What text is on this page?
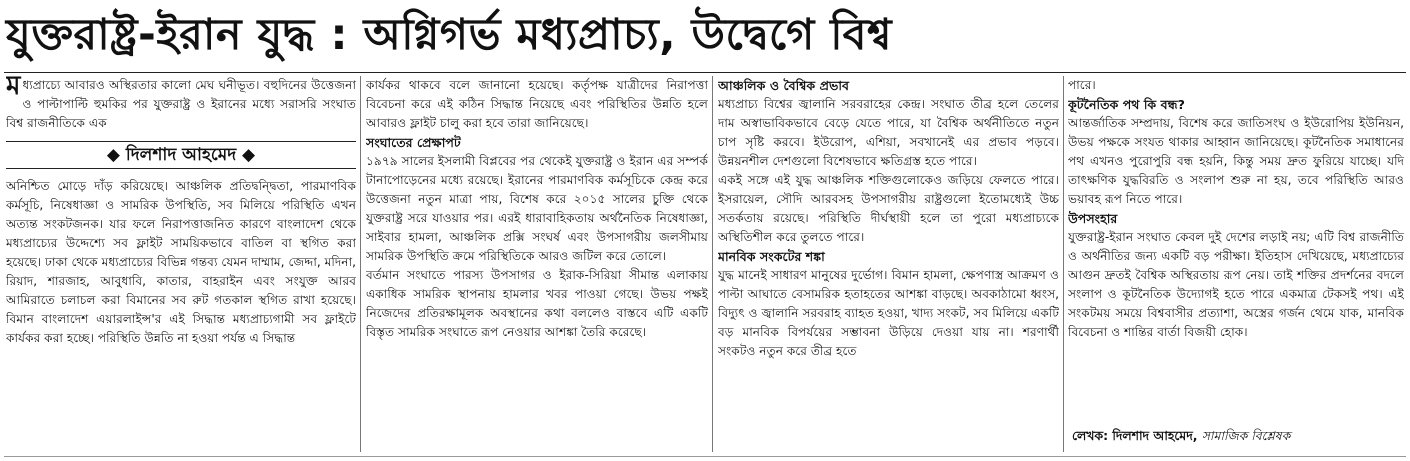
যুক্তরাষ্ট্র-ইরান যুদ্ধ : অগ্নিগর্ভ মধ্যপ্রাচ্য, উদ্বেগে বিশ্ব

মধ্যপ্রাচ্যে আবারও অস্থিরতার কালো মেঘ ঘনীভূত। বহুদিনের উত্তেজনা ও পাল্টাপাল্টি হুমকির পর যুক্তরাষ্ট্র ও ইরানের মধ্যে সরাসরি সংঘাত বিশ্ব রাজনীতিকে এক

◆ দিলশাদ আহমেদ ◆

অনিশ্চিত মোড়ে দাঁড় করিয়েছে। আঞ্চলিক প্রতিদ্বন্দ্বিতা, পারমাণবিক কর্মসূচি, নিষেধাজ্ঞা ও সামরিক উপস্থিতি, সব মিলিয়ে পরিস্থিতি এখন অত্যন্ত সংকটজনক। যার ফলে নিরাপত্তাজনিত কারণে বাংলাদেশ থেকে মধ্যপ্রাচ্যের উদ্দেশ্যে সব ফ্লাইট সাময়িকভাবে বাতিল বা স্থগিত করা হয়েছে। ঢাকা থেকে মধ্যপ্রাচ্যের বিভিন্ন গন্তব্য যেমন দাম্মাম, জেদ্দা, মদিনা, রিয়াদ, শারজাহ, আবুধাবি, কাতার, বাহরাইন এবং সংযুক্ত আরব আমিরাতে চলাচল করা বিমানের সব রুট গতকাল স্থগিত রাখা হয়েছে। বিমান বাংলাদেশ এয়ারলাইন্স'র এই সিদ্ধান্ত মধ্যপ্রাচ্যগামী সব ফ্লাইটে কার্যকর করা হচ্ছে। পরিস্থিতি উন্নতি না হওয়া পর্যন্ত এ সিদ্ধান্ত

কার্যকর থাকবে বলে জানানো হয়েছে। কর্তৃপক্ষ যাত্রীদের নিরাপত্তা বিবেচনা করে এই কঠিন সিদ্ধান্ত নিয়েছে এবং পরিস্থিতির উন্নতি হলে আবারও ফ্লাইট চালু করা হবে তারা জানিয়েছে।

সংঘাতের প্রেক্ষাপট

১৯৭৯ সালের ইসলামী বিপ্লবের পর থেকেই যুক্তরাষ্ট্র ও ইরান এর সম্পর্ক টানাপোড়েনের মধ্যে রয়েছে। ইরানের পারমাণবিক কর্মসূচিকে কেন্দ্র করে উত্তেজনা নতুন মাত্রা পায়, বিশেষ করে ২০১৫ সালের চুক্তি থেকে যুক্তরাষ্ট্র সরে যাওয়ার পর। এরই ধারাবাহিকতায় অর্থনৈতিক নিষেধাজ্ঞা, সাইবার হামলা, আঞ্চলিক প্রক্সি সংঘর্ষ এবং উপসাগরীয় জলসীমায় সামরিক উপস্থিতি ক্রমে পরিস্থিতিকে আরও জটিল করে তোলে।

বর্তমান সংঘাতে পারস্য উপসাগর ও ইরাক-সিরিয়া সীমান্ত এলাকায় একাধিক সামরিক স্থাপনায় হামলার খবর পাওয়া গেছে। উভয় পক্ষই নিজেদের প্রতিরক্ষামূলক অবস্থানের কথা বললেও বাস্তবে এটি একটি বিস্তৃত সামরিক সংঘাতে রূপ নেওয়ার আশঙ্কা তৈরি করেছে।

আঞ্চলিক ও বৈশ্বিক প্রভাব

মধ্যপ্রাচ্য বিশ্বের জ্বালানি সরবরাহের কেন্দ্র। সংঘাত তীব্র হলে তেলের দাম অস্বাভাবিকভাবে বেড়ে যেতে পারে, যা বৈশ্বিক অর্থনীতিতে নতুন চাপ সৃষ্টি করবে। ইউরোপ, এশিয়া, সবখানেই এর প্রভাব পড়বে। উন্নয়নশীল দেশগুলো বিশেষভাবে ক্ষতিগ্রস্ত হতে পারে।

একই সঙ্গে এই যুদ্ধ আঞ্চলিক শক্তিগুলোকেও জড়িয়ে ফেলতে পারে। ইসরায়েল, সৌদি আরবসহ উপসাগরীয় রাষ্ট্রগুলো ইতোমধ্যেই উচ্চ সতর্কতায় রয়েছে। পরিস্থিতি দীর্ঘস্থায়ী হলে তা পুরো মধ্যপ্রাচ্যকে অস্থিতিশীল করে তুলতে পারে।

মানবিক সংকটের শঙ্কা

যুদ্ধ মানেই সাধারণ মানুষের দুর্ভোগ। বিমান হামলা, ক্ষেপণাস্ত্র আক্রমণ ও পাল্টা আঘাতে বেসামরিক হতাহতের আশঙ্কা বাড়ছে। অবকাঠামো ধ্বংস, বিদ্যুৎ ও জ্বালানি সরবরাহ ব্যাহত হওয়া, খাদ্য সংকট, সব মিলিয়ে একটি বড় মানবিক বিপর্যয়ের সম্ভাবনা উড়িয়ে দেওয়া যায় না। শরণার্থী সংকটও নতুন করে তীব্র হতে

পারে।

কূটনৈতিক পথ কি বন্ধ?

আন্তর্জাতিক সম্প্রদায়, বিশেষ করে জাতিসংঘ ও ইউরোপিয় ইউনিয়ন, উভয় পক্ষকে সংযত থাকার আহ্বান জানিয়েছে। কূটনৈতিক সমাধানের পথ এখনও পুরোপুরি বন্ধ হয়নি, কিন্তু সময় দ্রুত ফুরিয়ে যাচ্ছে। যদি তাৎক্ষণিক যুদ্ধবিরতি ও সংলাপ শুরু না হয়, তবে পরিস্থিতি আরও ভয়াবহ রূপ নিতে পারে।

উপসংহার

যুক্তরাষ্ট্র-ইরান সংঘাত কেবল দুই দেশের লড়াই নয়; এটি বিশ্ব রাজনীতি ও অর্থনীতির জন্য একটি বড় পরীক্ষা। ইতিহাস দেখিয়েছে, মধ্যপ্রাচ্যের আগুন দ্রুতই বৈশ্বিক অস্থিরতায় রূপ নেয়। তাই শক্তির প্রদর্শনের বদলে সংলাপ ও কূটনৈতিক উদ্যোগই হতে পারে একমাত্র টেকসই পথ। এই সংকটময় সময়ে বিশ্ববাসীর প্রত্যাশা, অস্ত্রের গর্জন থেমে যাক, মানবিক বিবেচনা ও শান্তির বার্তা বিজয়ী হোক।

লেখক: দিলশাদ আহমেদ, সামাজিক বিশ্লেষক
